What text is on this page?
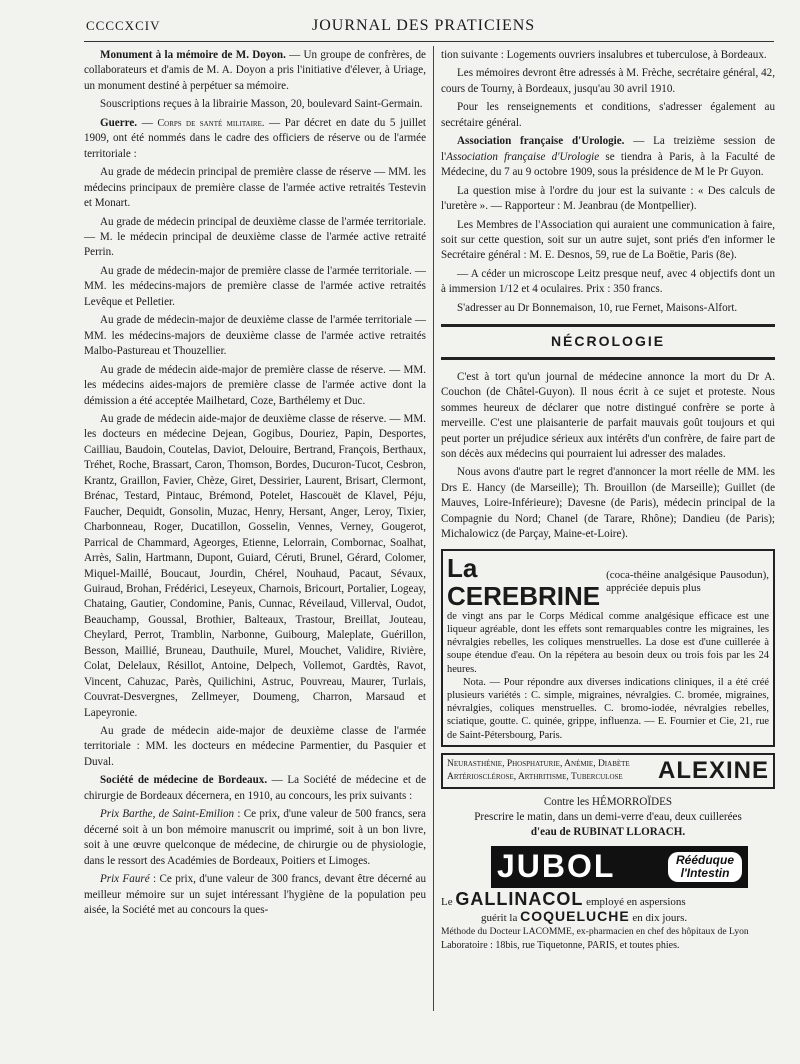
CCCCXCIV	JOURNAL DES PRATICIENS

Monument à la mémoire de M. Doyon. — Un groupe de confrères, de collaborateurs et d'amis de M. A. Doyon a pris l'initiative d'élever, à Uriage, un monument destiné à perpétuer sa mémoire.

Souscriptions reçues à la librairie Masson, 20, boulevard Saint-Germain.

Guerre. — Corps de santé militaire. — Par décret en date du 5 juillet 1909, ont été nommés dans le cadre des officiers de réserve ou de l'armée territoriale :

Au grade de médecin principal de première classe de réserve — MM. les médecins principaux de première classe de l'armée active retraités Testevin et Monart.

Au grade de médecin principal de deuxième classe de l'armée territoriale. — M. le médecin principal de deuxième classe de l'armée active retraité Perrin.

Au grade de médecin-major de première classe de l'armée territoriale. — MM. les médecins-majors de première classe de l'armée active retraités Levêque et Pelletier.

Au grade de médecin-major de deuxième classe de l'armée territoriale — MM. les médecins-majors de deuxième classe de l'armée active retraités Malbo-Pastureau et Thouzellier.

Au grade de médecin aide-major de première classe de réserve. — MM. les médecins aides-majors de première classe de l'armée active dont la démission a été acceptée Mailhetard, Coze, Barthélemy et Duc.

Au grade de médecin aide-major de deuxième classe de réserve. — MM. les docteurs en médecine Dejean, Gogibus, Douriez, Papin, Desportes, Cailliau, Baudoin, Coutelas, Daviot, Delouire, Bertrand, François, Berthaux, Tréhet, Roche, Brassart, Caron, Thomson, Bordes, Ducuron-Tucot, Cesbron, Krantz, Graillon, Favier, Chèze, Giret, Dessirier, Laurent, Brisart, Clermont, Brénac, Testard, Pintauc, Brémond, Potelet, Hascouët de Klavel, Péju, Faucher, Dequidt, Gonsolin, Muzac, Henry, Hersant, Anger, Leroy, Tixier, Charbonneau, Roger, Ducatillon, Gosselin, Vennes, Verney, Gougerot, Parrical de Chammard, Ageorges, Etienne, Lelorrain, Combornac, Soalhat, Arrès, Salin, Hartmann, Dupont, Guiard, Céruti, Brunel, Gérard, Colomer, Miquel-Maillé, Boucaut, Jourdin, Chérel, Nouhaud, Pacaut, Sévaux, Guiraud, Brohan, Frédérici, Leseyeux, Charnois, Bricourt, Portalier, Logeay, Chataing, Gautier, Condomine, Panis, Cunnac, Réveilaud, Villerval, Oudot, Beauchamp, Goussal, Brothier, Balteaux, Trastour, Breillat, Jouteau, Cheylard, Perrot, Tramblin, Narbonne, Guibourg, Maleplate, Guérillon, Besson, Maillié, Bruneau, Dauthuile, Murel, Mouchet, Validire, Rivière, Colat, Delelaux, Résillot, Antoine, Delpech, Vollemot, Gardtès, Ravot, Vincent, Cahuzac, Parès, Quilichini, Astruc, Pouvreau, Maurer, Turlais, Couvrat-Desvergnes, Zellmeyer, Doumeng, Charron, Marsaud et Lapeyronie.

Au grade de médecin aide-major de deuxième classe de l'armée territoriale : MM. les docteurs en médecine Parmentier, du Pasquier et Duval.

Société de médecine de Bordeaux. — La Société de médecine et de chirurgie de Bordeaux décernera, en 1910, au concours, les prix suivants :

Prix Barthe, de Saint-Emilion : Ce prix, d'une valeur de 500 francs, sera décerné soit à un bon mémoire manuscrit ou imprimé, soit à un bon livre, soit à une œuvre quelconque de médecine, de chirurgie ou de physiologie, dans le ressort des Académies de Bordeaux, Poitiers et Limoges.

Prix Fauré : Ce prix, d'une valeur de 300 francs, devant être décerné au meilleur mémoire sur un sujet intéressant l'hygiène de la population peu aisée, la Société met au concours la ques-

tion suivante : Logements ouvriers insalubres et tuberculose, à Bordeaux.

Les mémoires devront être adressés à M. Frèche, secrétaire général, 42, cours de Tourny, à Bordeaux, jusqu'au 30 avril 1910.

Pour les renseignements et conditions, s'adresser également au secrétaire général.

Association française d'Urologie. — La treizième session de l'Association française d'Urologie se tiendra à Paris, à la Faculté de Médecine, du 7 au 9 octobre 1909, sous la présidence de M le Pr Guyon.

La question mise à l'ordre du jour est la suivante : « Des calculs de l'uretère ». — Rapporteur : M. Jeanbrau (de Montpellier).

Les Membres de l'Association qui auraient une communication à faire, soit sur cette question, soit sur un autre sujet, sont priés d'en informer le Secrétaire général : M. E. Desnos, 59, rue de La Boëtie, Paris (8e).

— A céder un microscope Leitz presque neuf, avec 4 objectifs dont un à immersion 1/12 et 4 oculaires. Prix : 350 francs.

S'adresser au Dr Bonnemaison, 10, rue Fernet, Maisons-Alfort.

NÉCROLOGIE

C'est à tort qu'un journal de médecine annonce la mort du Dr A. Couchon (de Châtel-Guyon). Il nous écrit à ce sujet et proteste. Nous sommes heureux de déclarer que notre distingué confrère se porte à merveille. C'est une plaisanterie de parfait mauvais goût toujours et qui peut porter un préjudice sérieux aux intérêts d'un confrère, de faire part de son décès aux médecins qui pourraient lui adresser des malades.

Nous avons d'autre part le regret d'annoncer la mort réelle de MM. les Drs E. Hancy (de Marseille); Th. Brouillon (de Marseille); Guillet (de Mauves, Loire-Inférieure); Davesne (de Paris), médecin principal de la Compagnie du Nord; Chanel (de Tarare, Rhône); Dandieu (de Paris); Michalowicz (de Parçay, Maine-et-Loire).

La CEREBRINE
(coca-théine analgésique Pausodun), appréciée depuis plus
de vingt ans par le Corps Médical comme analgésique efficace est une liqueur agréable, dont les effets sont remarquables contre les migraines, les névralgies rebelles, les coliques menstruelles. La dose est d'une cuillerée à soupe étendue d'eau. On la répétera au besoin deux ou trois fois par les 24 heures.
Nota. — Pour répondre aux diverses indications cliniques, il a été créé plusieurs variétés : C. simple, migraines, névralgies. C. bromée, migraines, névralgies, coliques menstruelles. C. bromo-iodée, névralgies rebelles, sciatique, goutte. C. quinée, grippe, influenza. — E. Fournier et Cie, 21, rue de Saint-Pétersbourg, Paris.
Neurasthénie, Phosphaturie, Anémie, Diabète
Artériosclérose, Arthritisme, Tuberculose ALEXINE
Contre les HÉMORROÏDES
Prescrire le matin, dans un demi-verre d'eau, deux cuillerées
d'eau de RUBINAT LLORACH.
JUBOL	Rééduque
l'Intestin
Le GALLINACOL employé en aspersions
guérit la COQUELUCHE en dix jours.
Méthode du Docteur LACOMME, ex-pharmacien en chef des hôpitaux de Lyon
Laboratoire : 18bis, rue Tiquetonne, PARIS, et toutes phies.
